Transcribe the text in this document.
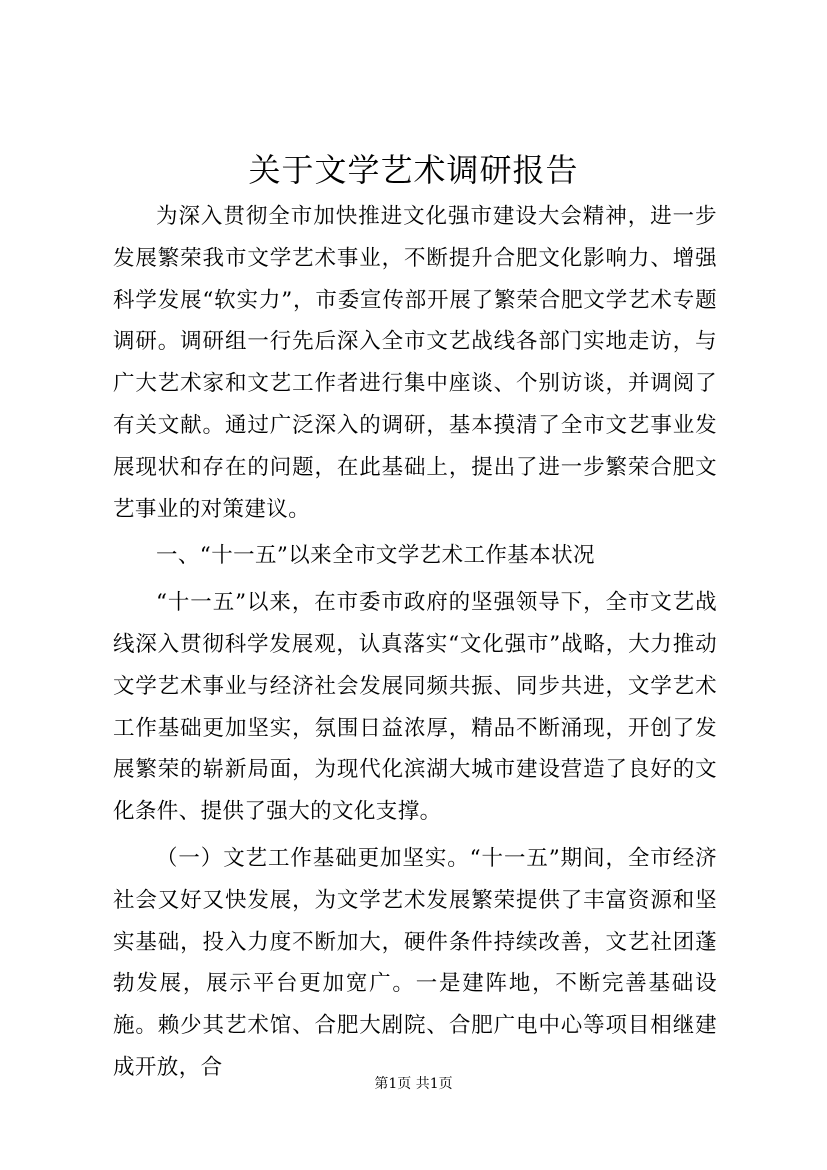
关于文学艺术调研报告

为深入贯彻全市加快推进文化强市建设大会精神，进一步发展繁荣我市文学艺术事业，不断提升合肥文化影响力、增强科学发展“软实力”，市委宣传部开展了繁荣合肥文学艺术专题调研。调研组一行先后深入全市文艺战线各部门实地走访，与广大艺术家和文艺工作者进行集中座谈、个别访谈，并调阅了有关文献。通过广泛深入的调研，基本摸清了全市文艺事业发展现状和存在的问题，在此基础上，提出了进一步繁荣合肥文艺事业的对策建议。

一、“十一五”以来全市文学艺术工作基本状况

“十一五”以来，在市委市政府的坚强领导下，全市文艺战线深入贯彻科学发展观，认真落实“文化强市”战略，大力推动文学艺术事业与经济社会发展同频共振、同步共进，文学艺术工作基础更加坚实，氛围日益浓厚，精品不断涌现，开创了发展繁荣的崭新局面，为现代化滨湖大城市建设营造了良好的文化条件、提供了强大的文化支撑。

（一）文艺工作基础更加坚实。“十一五”期间，全市经济社会又好又快发展，为文学艺术发展繁荣提供了丰富资源和坚实基础，投入力度不断加大，硬件条件持续改善，文艺社团蓬勃发展，展示平台更加宽广。一是建阵地，不断完善基础设施。赖少其艺术馆、合肥大剧院、合肥广电中心等项目相继建成开放，合

第1页 共1页
